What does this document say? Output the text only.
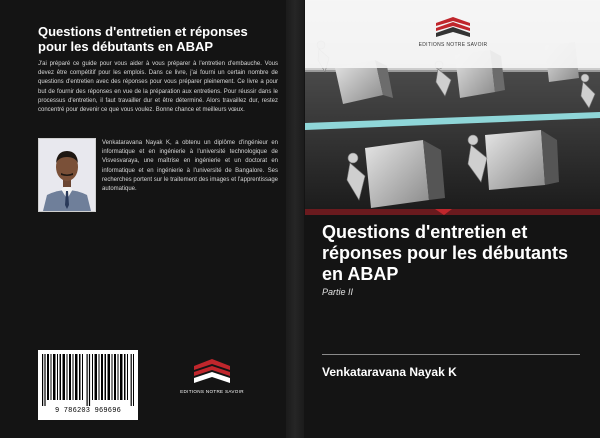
Questions d'entretien et réponses pour les débutants en ABAP
J'ai préparé ce guide pour vous aider à vous préparer à l'entretien d'embauche. Vous devez être compétitif pour les emplois. Dans ce livre, j'ai fourni un certain nombre de questions d'entretien avec des réponses pour vous préparer pleinement. Ce livre a pour but de fournir des réponses en vue de la préparation aux entretiens. Pour réussir dans le processus d'entretien, il faut travailler dur et être déterminé. Alors travaillez dur, restez concentré pour devenir ce que vous voulez. Bonne chance et meilleurs vœux.
Venkataravana Nayak K, a obtenu un diplôme d'ingénieur en informatique et en ingénierie à l'université technologique de Visvesvaraya, une maîtrise en ingénierie et un doctorat en informatique et en ingénierie à l'université de Bangalore. Ses recherches portent sur le traitement des images et l'apprentissage automatique.
9 786203 969696
EDITIONS NOTRE SAVOIR
EDITIONS NOTRE SAVOIR
Questions d'entretien et réponses pour les débutants en ABAP
Partie II
Venkataravana Nayak K
